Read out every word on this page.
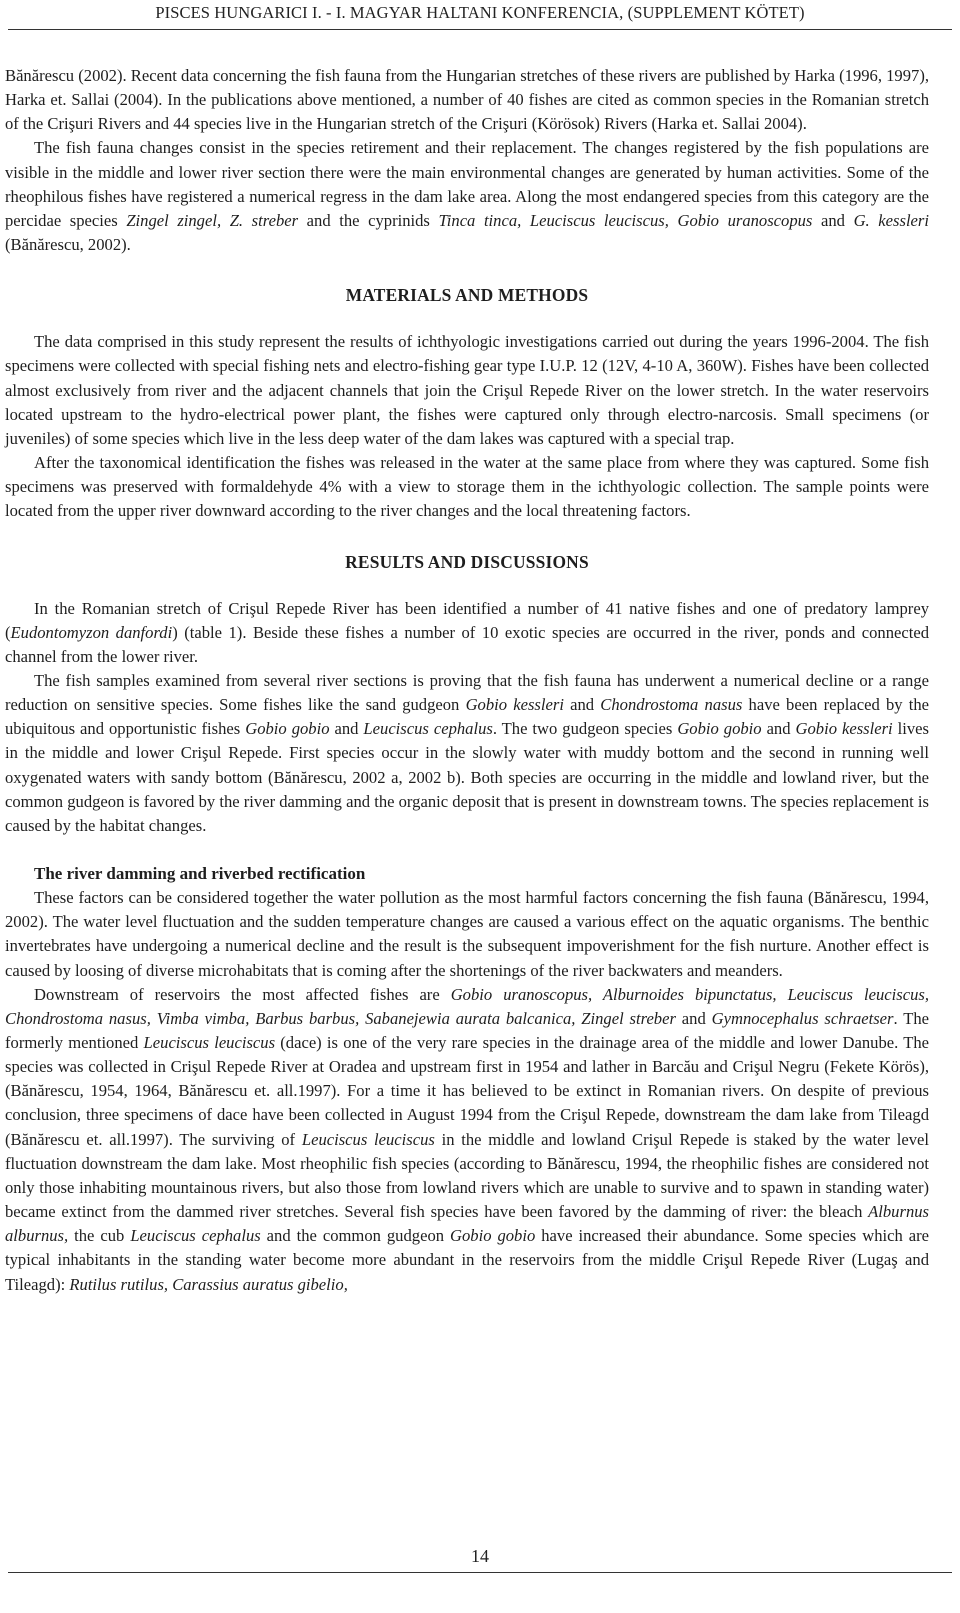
PISCES HUNGARICI I. - I. MAGYAR HALTANI KONFERENCIA, (SUPPLEMENT KÖTET)

Bănărescu (2002). Recent data concerning the fish fauna from the Hungarian stretches of these rivers are published by Harka (1996, 1997), Harka et. Sallai (2004). In the publications above mentioned, a number of 40 fishes are cited as common species in the Romanian stretch of the Crişuri Rivers and 44 species live in the Hungarian stretch of the Crişuri (Körösok) Rivers (Harka et. Sallai 2004).

The fish fauna changes consist in the species retirement and their replacement. The changes registered by the fish populations are visible in the middle and lower river section there were the main environmental changes are generated by human activities. Some of the rheophilous fishes have registered a numerical regress in the dam lake area. Along the most endangered species from this category are the percidae species Zingel zingel, Z. streber and the cyprinids Tinca tinca, Leuciscus leuciscus, Gobio uranoscopus and G. kessleri (Bănărescu, 2002).

MATERIALS AND METHODS

The data comprised in this study represent the results of ichthyologic investigations carried out during the years 1996-2004. The fish specimens were collected with special fishing nets and electro-fishing gear type I.U.P. 12 (12V, 4-10 A, 360W). Fishes have been collected almost exclusively from river and the adjacent channels that join the Crişul Repede River on the lower stretch. In the water reservoirs located upstream to the hydro-electrical power plant, the fishes were captured only through electro-narcosis. Small specimens (or juveniles) of some species which live in the less deep water of the dam lakes was captured with a special trap.

After the taxonomical identification the fishes was released in the water at the same place from where they was captured. Some fish specimens was preserved with formaldehyde 4% with a view to storage them in the ichthyologic collection. The sample points were located from the upper river downward according to the river changes and the local threatening factors.

RESULTS AND DISCUSSIONS

In the Romanian stretch of Crişul Repede River has been identified a number of 41 native fishes and one of predatory lamprey (Eudontomyzon danfordi) (table 1). Beside these fishes a number of 10 exotic species are occurred in the river, ponds and connected channel from the lower river.

The fish samples examined from several river sections is proving that the fish fauna has underwent a numerical decline or a range reduction on sensitive species. Some fishes like the sand gudgeon Gobio kessleri and Chondrostoma nasus have been replaced by the ubiquitous and opportunistic fishes Gobio gobio and Leuciscus cephalus. The two gudgeon species Gobio gobio and Gobio kessleri lives in the middle and lower Crişul Repede. First species occur in the slowly water with muddy bottom and the second in running well oxygenated waters with sandy bottom (Bănărescu, 2002 a, 2002 b). Both species are occurring in the middle and lowland river, but the common gudgeon is favored by the river damming and the organic deposit that is present in downstream towns. The species replacement is caused by the habitat changes.

The river damming and riverbed rectification

These factors can be considered together the water pollution as the most harmful factors concerning the fish fauna (Bănărescu, 1994, 2002). The water level fluctuation and the sudden temperature changes are caused a various effect on the aquatic organisms. The benthic invertebrates have undergoing a numerical decline and the result is the subsequent impoverishment for the fish nurture. Another effect is caused by loosing of diverse microhabitats that is coming after the shortenings of the river backwaters and meanders.

Downstream of reservoirs the most affected fishes are Gobio uranoscopus, Alburnoides bipunctatus, Leuciscus leuciscus, Chondrostoma nasus, Vimba vimba, Barbus barbus, Sabanejewia aurata balcanica, Zingel streber and Gymnocephalus schraetser. The formerly mentioned Leuciscus leuciscus (dace) is one of the very rare species in the drainage area of the middle and lower Danube. The species was collected in Crişul Repede River at Oradea and upstream first in 1954 and lather in Barcău and Crişul Negru (Fekete Körös), (Bănărescu, 1954, 1964, Bănărescu et. all.1997). For a time it has believed to be extinct in Romanian rivers. On despite of previous conclusion, three specimens of dace have been collected in August 1994 from the Crişul Repede, downstream the dam lake from Tileagd (Bănărescu et. all.1997). The surviving of Leuciscus leuciscus in the middle and lowland Crişul Repede is staked by the water level fluctuation downstream the dam lake. Most rheophilic fish species (according to Bănărescu, 1994, the rheophilic fishes are considered not only those inhabiting mountainous rivers, but also those from lowland rivers which are unable to survive and to spawn in standing water) became extinct from the dammed river stretches. Several fish species have been favored by the damming of river: the bleach Alburnus alburnus, the cub Leuciscus cephalus and the common gudgeon Gobio gobio have increased their abundance. Some species which are typical inhabitants in the standing water become more abundant in the reservoirs from the middle Crişul Repede River (Lugaş and Tileagd): Rutilus rutilus, Carassius auratus gibelio,

14
